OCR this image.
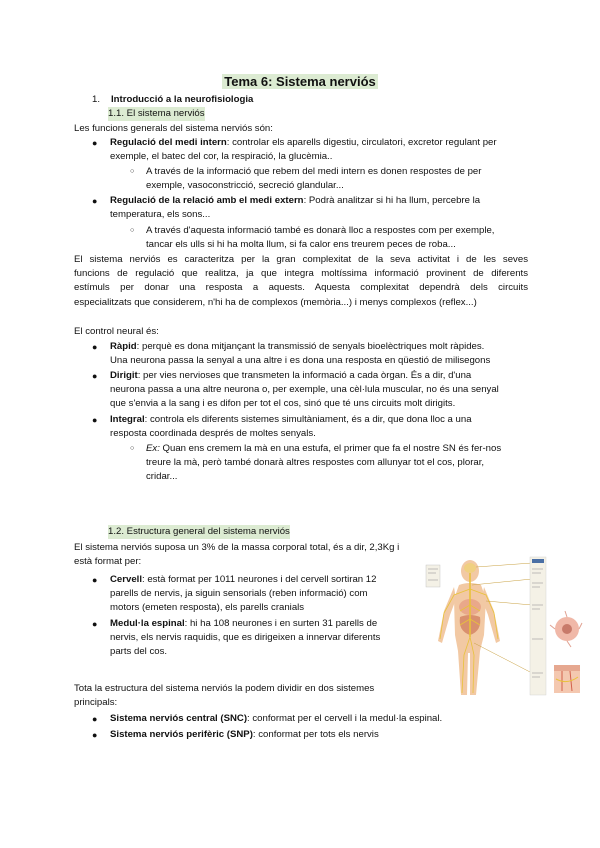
Tema 6: Sistema nerviós
1. Introducció a la neurofisiologia
1.1. El sistema nerviós
Les funcions generals del sistema nerviós són:
● Regulació del medi intern: controlar els aparells digestiu, circulatori, excretor regulant per
exemple, el batec del cor, la respiració, la glucèmia..
○ A través de la informació que rebem del medi intern es donen respostes de per
exemple, vasoconstricció, secreció glandular...
● Regulació de la relació amb el medi extern: Podrà analitzar si hi ha llum, percebre la
temperatura, els sons...
○ A través d'aquesta informació també es donarà lloc a respostes com per exemple,
tancar els ulls si hi ha molta llum, si fa calor ens treurem peces de roba...
El sistema nerviós es caracteritza per la gran complexitat de la seva activitat i de les seves
funcions de regulació que realitza, ja que integra moltíssima informació provinent de diferents
estímuls per donar una resposta a aquests. Aquesta complexitat dependrà dels circuits
especialitzats que considerem, n'hi ha de complexos (memòria...) i menys complexos (reflex...)
El control neural és:
● Ràpid: perquè es dona mitjançant la transmissió de senyals bioelèctriques molt ràpides.
Una neurona passa la senyal a una altre i es dona una resposta en qüestió de milisegons
● Dirigit: per vies nervioses que transmeten la informació a cada òrgan. És a dir, d'una
neurona passa a una altre neurona o, per exemple, una cèl·lula muscular, no és una senyal
que s'envia a la sang i es difon per tot el cos, sinó que té uns circuits molt dirigits.
● Integral: controla els diferents sistemes simultàniament, és a dir, que dona lloc a una
resposta coordinada després de moltes senyals.
○ Ex: Quan ens cremem la mà en una estufa, el primer que fa el nostre SN és fer-nos
treure la mà, però també donarà altres respostes com allunyar tot el cos, plorar,
cridar...
1.2. Estructura general del sistema nerviós
El sistema nerviós suposa un 3% de la massa corporal total, és a dir, 2,3Kg i
està format per:
● Cervell: està format per 1011 neurones i del cervell sortiran 12
parells de nervis, ja siguin sensorials (reben informació) com
motors (emeten resposta), els parells cranials
● Medul·la espinal: hi ha 108 neurones i en surten 31 parells de
nervis, els nervis raquidis, que es dirigeixen a innervar diferents
parts del cos.
Tota la estructura del sistema nerviós la podem dividir en dos sistemes
principals:
● Sistema nerviós central (SNC): conformat per el cervell i la medul·la espinal.
● Sistema nerviós perifèric (SNP): conformat per tots els nervis
